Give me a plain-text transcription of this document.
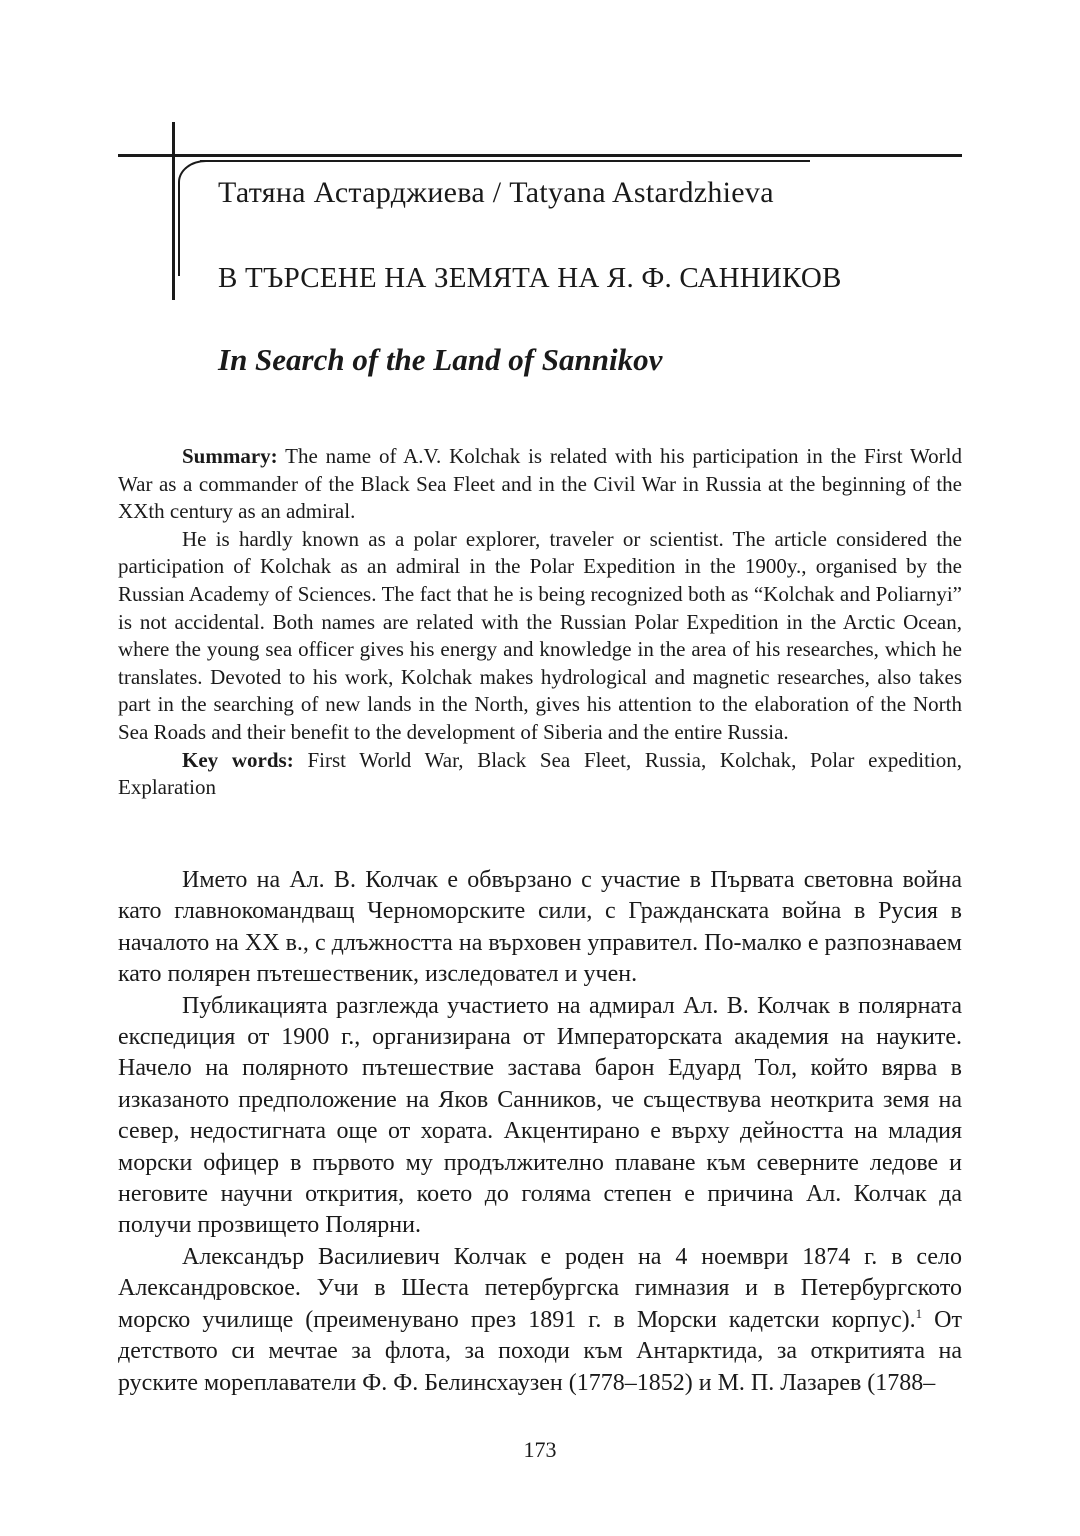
Татяна Астарджиева / Tatyana Astardzhieva
В ТЪРСЕНЕ НА ЗЕМЯТА НА Я. Ф. САННИКОВ
In Search of the Land of Sannikov

Summary: The name of A.V. Kolchak is related with his participation in the First World War as a commander of the Black Sea Fleet and in the Civil War in Russia at the beginning of the XXth century as an admiral.

He is hardly known as a polar explorer, traveler or scientist. The article considered the participation of Kolchak as an admiral in the Polar Expedition in the 1900y., organised by the Russian Academy of Sciences. The fact that he is being recognized both as “Kolchak and Poliarnyi” is not accidental. Both names are related with the Russian Polar Expedition in the Arctic Ocean, where the young sea officer gives his energy and knowledge in the area of his researches, which he translates. Devoted to his work, Kolchak makes hydrological and magnetic researches, also takes part in the searching of new lands in the North, gives his attention to the elaboration of the North Sea Roads and their benefit to the development of Siberia and the entire Russia.

Key words: First World War, Black Sea Fleet, Russia, Kolchak, Polar expedition, Explaration

Името на Ал. В. Колчак е обвързано с участие в Първата световна война като главнокомандващ Черноморските сили, с Гражданската война в Русия в началото на XX в., с длъжността на върховен управител. По-малко е разпознаваем като полярен пътешественик, изследовател и учен.

Публикацията разглежда участието на адмирал Ал. В. Колчак в полярната експедиция от 1900 г., организирана от Императорската академия на науките. Начело на полярното пътешествие застава барон Едуард Тол, който вярва в изказаното предположение на Яков Санников, че съществува неоткрита земя на север, недостигната още от хората. Акцентирано е върху дейността на младия морски офицер в първото му продължително плаване към северните ледове и неговите научни открития, което до голяма степен е причина Ал. Колчак да получи прозвището Полярни.

Александър Василиевич Колчак е роден на 4 ноември 1874 г. в село Александровское. Учи в Шеста петербургска гимназия и в Петербургското морско училище (преименувано през 1891 г. в Морски кадетски корпус).$^1$ От детството си мечтае за флота, за походи към Антарктида, за откритията на руските мореплаватели Ф. Ф. Белинсхаузен (1778–1852) и М. П. Лазарев (1788–

173
